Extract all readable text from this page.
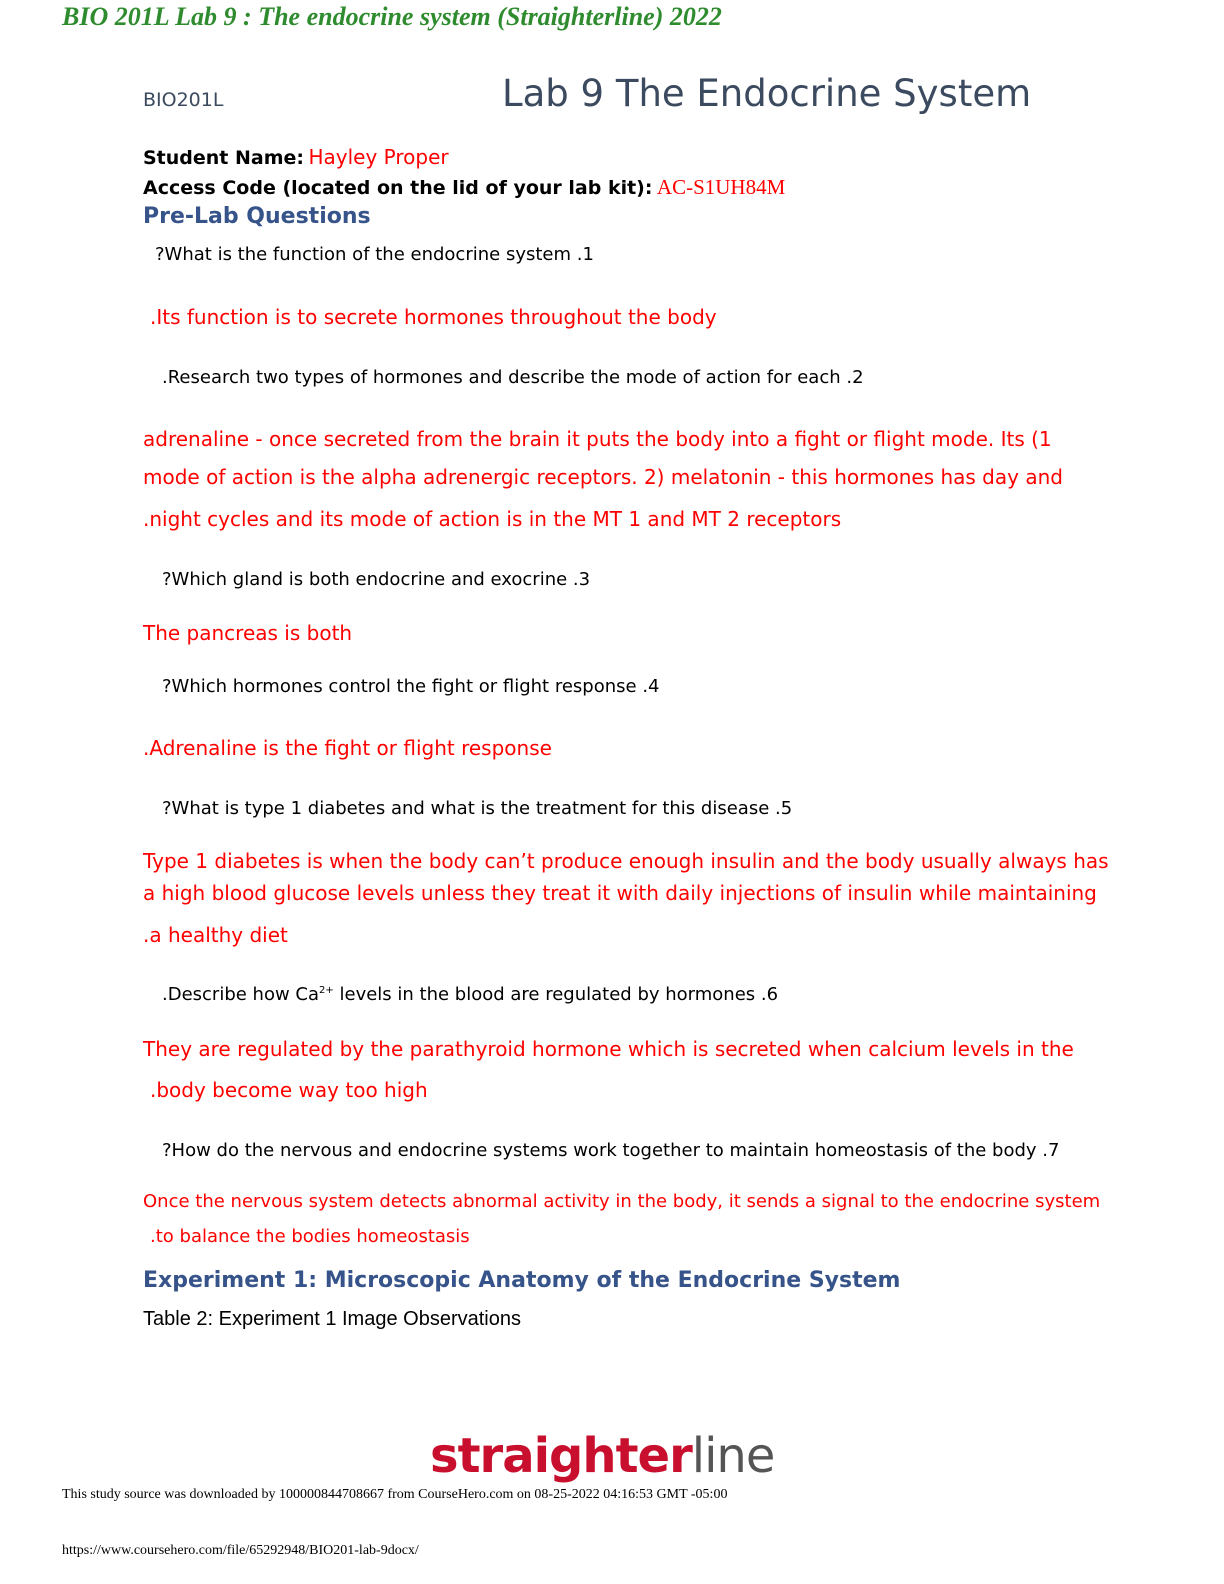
BIO 201L Lab 9 : The endocrine system (Straighterline) 2022
BIO201L	Lab 9 The Endocrine System
Student Name: Hayley Proper
Access Code (located on the lid of your lab kit): AC-S1UH84M
Pre-Lab Questions
?What is the function of the endocrine system .1
.Its function is to secrete hormones throughout the body
.Research two types of hormones and describe the mode of action for each .2
adrenaline - once secreted from the brain it puts the body into a fight or flight mode. Its (1
mode of action is the alpha adrenergic receptors. 2) melatonin - this hormones has day and
.night cycles and its mode of action is in the MT 1 and MT 2 receptors
?Which gland is both endocrine and exocrine .3
The pancreas is both
?Which hormones control the fight or flight response .4
.Adrenaline is the fight or flight response
?What is type 1 diabetes and what is the treatment for this disease .5
Type 1 diabetes is when the body can’t produce enough insulin and the body usually always has
a high blood glucose levels unless they treat it with daily injections of insulin while maintaining
.a healthy diet
.Describe how $Ca^{2+}$ levels in the blood are regulated by hormones .6
They are regulated by the parathyroid hormone which is secreted when calcium levels in the
.body become way too high
?How do the nervous and endocrine systems work together to maintain homeostasis of the body .7
Once the nervous system detects abnormal activity in the body, it sends a signal to the endocrine system
.to balance the bodies homeostasis
Experiment 1: Microscopic Anatomy of the Endocrine System
Table 2: Experiment 1 Image Observations
straighterline
This study source was downloaded by 100000844708667 from CourseHero.com on 08-25-2022 04:16:53 GMT -05:00
https://www.coursehero.com/file/65292948/BIO201-lab-9docx/
